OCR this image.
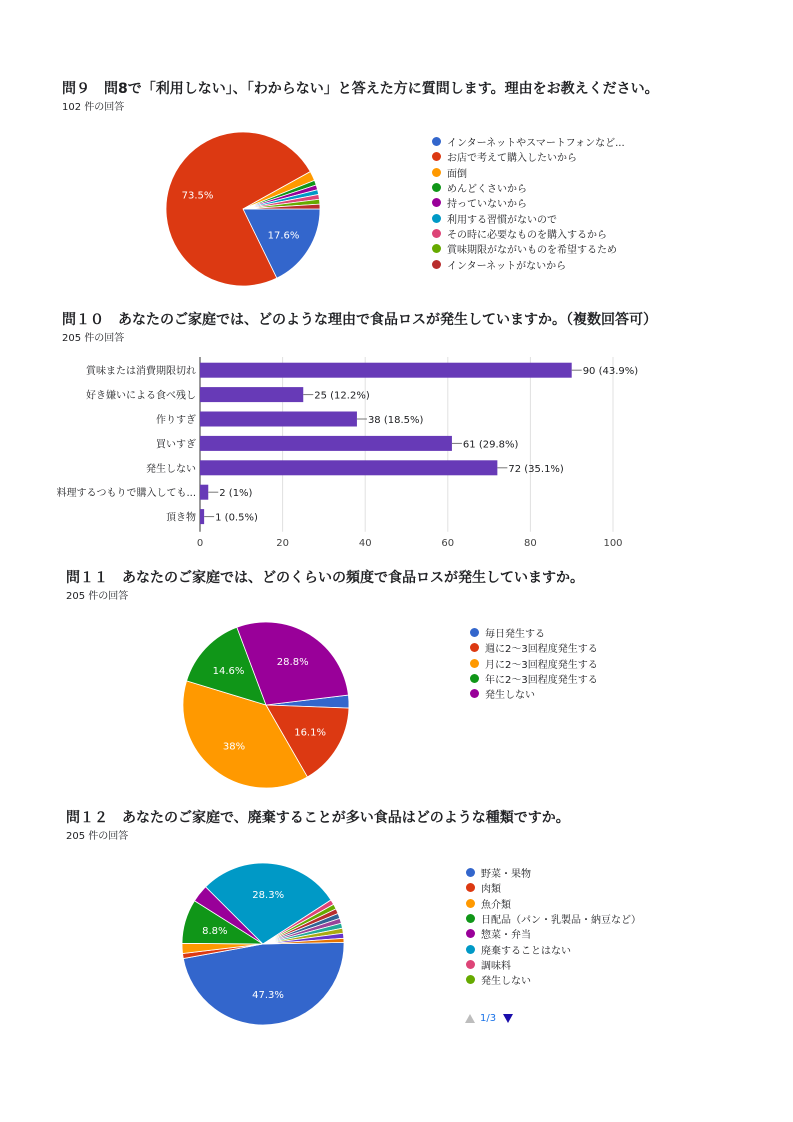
問９　問8で「利用しない」、「わからない」と答えた方に質問します。理由をお教えください。
102 件の回答
17.6%
73.5%
インターネットやスマートフォンなど...
お店で考えて購入したいから
面倒
めんどくさいから
持っていないから
利用する習慣がないので
その時に必要なものを購入するから
賞味期限がながいものを希望するため
インターネットがないから
問１０　あなたのご家庭では、どのような理由で食品ロスが発生していますか。（複数回答可）
205 件の回答
0	20	40	60	80	100
賞味または消費期限切れ	90 (43.9%)
好き嫌いによる食べ残し	25 (12.2%)
作りすぎ	38 (18.5%)
買いすぎ	61 (29.8%)
発生しない	72 (35.1%)
料理するつもりで購入しても... 2 (1%)
頂き物 1 (0.5%)
問１１　あなたのご家庭では、どのくらいの頻度で食品ロスが発生していますか。
205 件の回答
16.1%
38%
14.6%
28.8%
毎日発生する
週に2～3回程度発生する
月に2～3回程度発生する
年に2～3回程度発生する
発生しない
問１２　あなたのご家庭で、廃棄することが多い食品はどのような種類ですか。
205 件の回答
47.3%
8.8%
28.3%
野菜・果物
肉類
魚介類
日配品（パン・乳製品・納豆など）
惣菜・弁当
廃棄することはない
調味料
発生しない
1/3
